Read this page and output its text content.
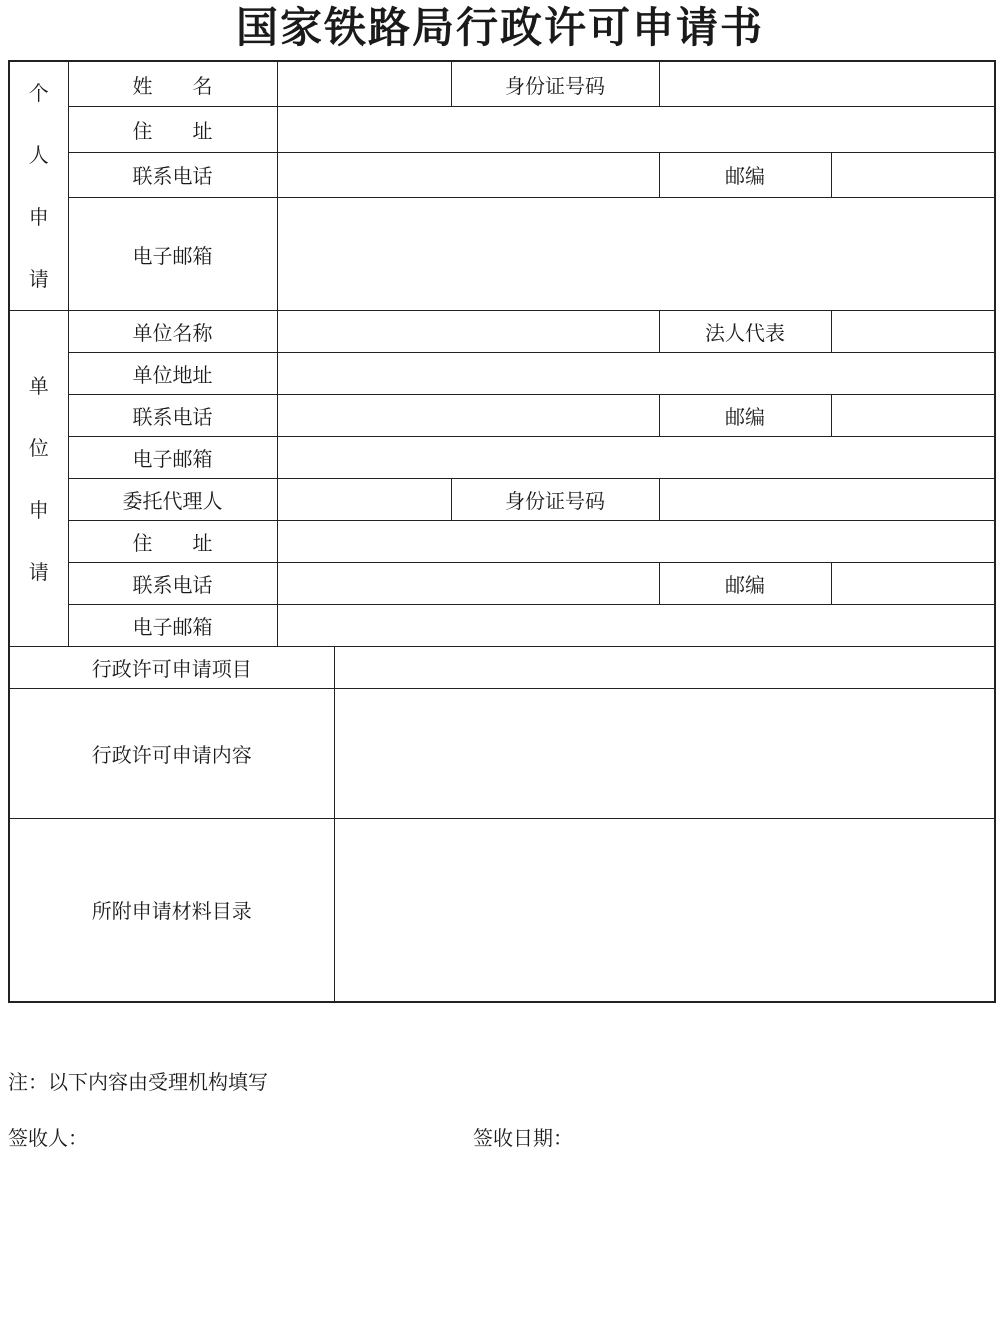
国家铁路局行政许可申请书
个
人
申
请	姓 名			身份证号码		
	住 址					
	联系电话				邮编	
	电子邮箱					

单
位
申
请	单位名称				法人代表	
	单位地址					
	联系电话				邮编	
	电子邮箱					
	委托代理人			身份证号码		
	住 址					
	联系电话				邮编	
	电子邮箱					
行政许可申请项目						
行政许可申请内容						
所附申请材料目录						

注：以下内容由受理机构填写

签收人：	签收日期：
